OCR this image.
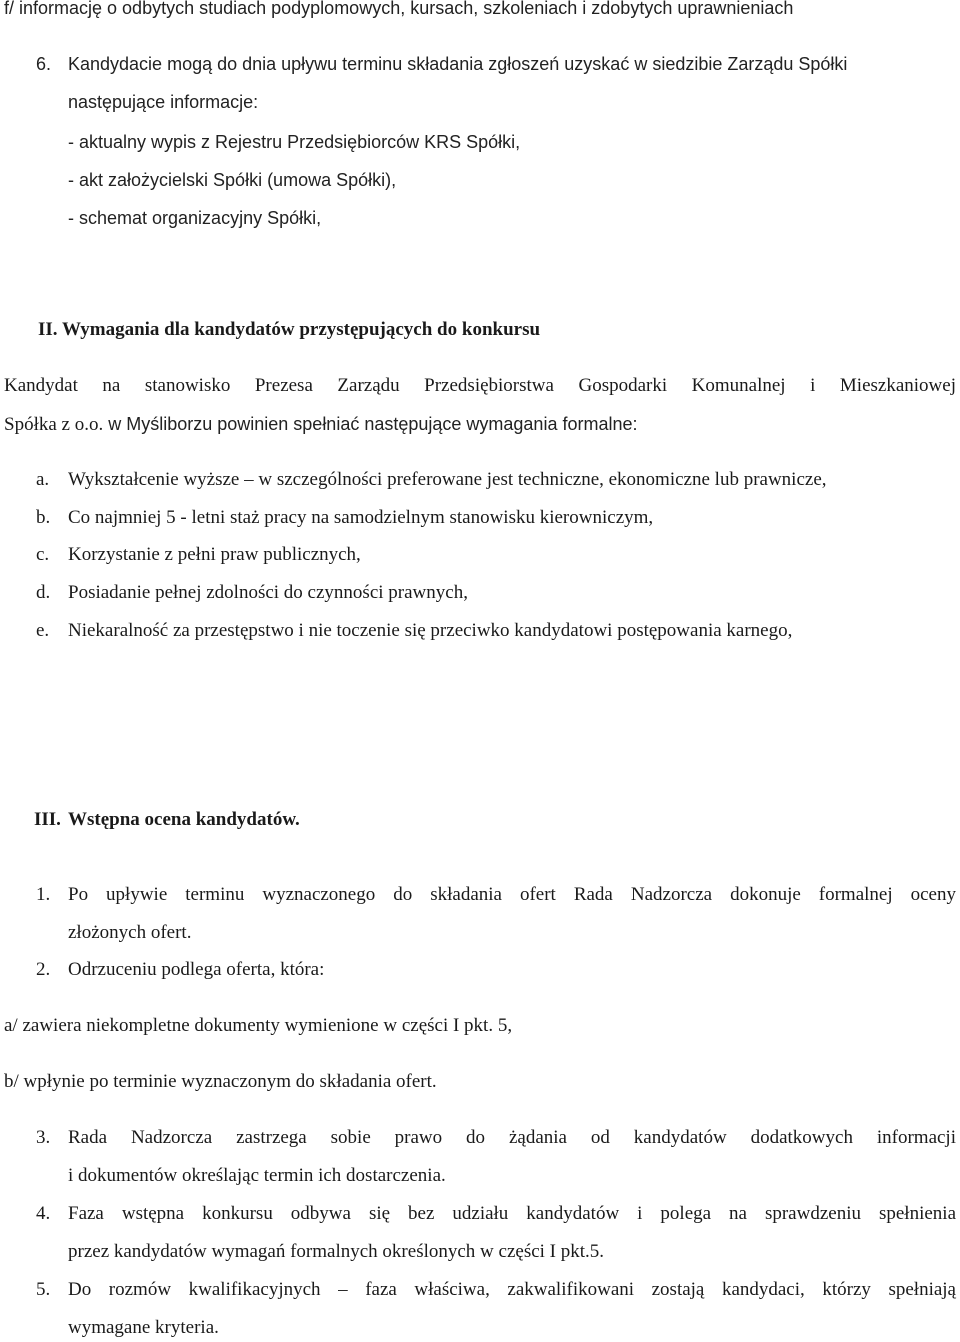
f/ informację o odbytych studiach podyplomowych, kursach, szkoleniach i zdobytych uprawnieniach
6. Kandydacie mogą do dnia upływu terminu składania zgłoszeń uzyskać w siedzibie Zarządu Spółki
następujące informacje:
- aktualny wypis z Rejestru Przedsiębiorców KRS Spółki,
- akt założycielski Spółki (umowa Spółki),
- schemat organizacyjny Spółki,
II. Wymagania dla kandydatów przystępujących do konkursu
Kandydat na stanowisko Prezesa Zarządu Przedsiębiorstwa Gospodarki Komunalnej i Mieszkaniowej
Spółka z o.o. w Myśliborzu powinien spełniać następujące wymagania formalne:
a. Wykształcenie wyższe – w szczególności preferowane jest techniczne, ekonomiczne lub prawnicze,
b. Co najmniej 5 - letni staż pracy na samodzielnym stanowisku kierowniczym,
c. Korzystanie z pełni praw publicznych,
d. Posiadanie pełnej zdolności do czynności prawnych,
e. Niekaralność za przestępstwo i nie toczenie się przeciwko kandydatowi postępowania karnego,
III. Wstępna ocena kandydatów.
1. Po upływie terminu wyznaczonego do składania ofert Rada Nadzorcza dokonuje formalnej oceny
złożonych ofert.
2. Odrzuceniu podlega oferta, która:
a/ zawiera niekompletne dokumenty wymienione w części I pkt. 5,
b/ wpłynie po terminie wyznaczonym do składania ofert.
3. Rada Nadzorcza zastrzega sobie prawo do żądania od kandydatów dodatkowych informacji
i dokumentów określając termin ich dostarczenia.
4. Faza wstępna konkursu odbywa się bez udziału kandydatów i polega na sprawdzeniu spełnienia
przez kandydatów wymagań formalnych określonych w części I pkt.5.
5. Do rozmów kwalifikacyjnych – faza właściwa, zakwalifikowani zostają kandydaci, którzy spełniają
wymagane kryteria.
